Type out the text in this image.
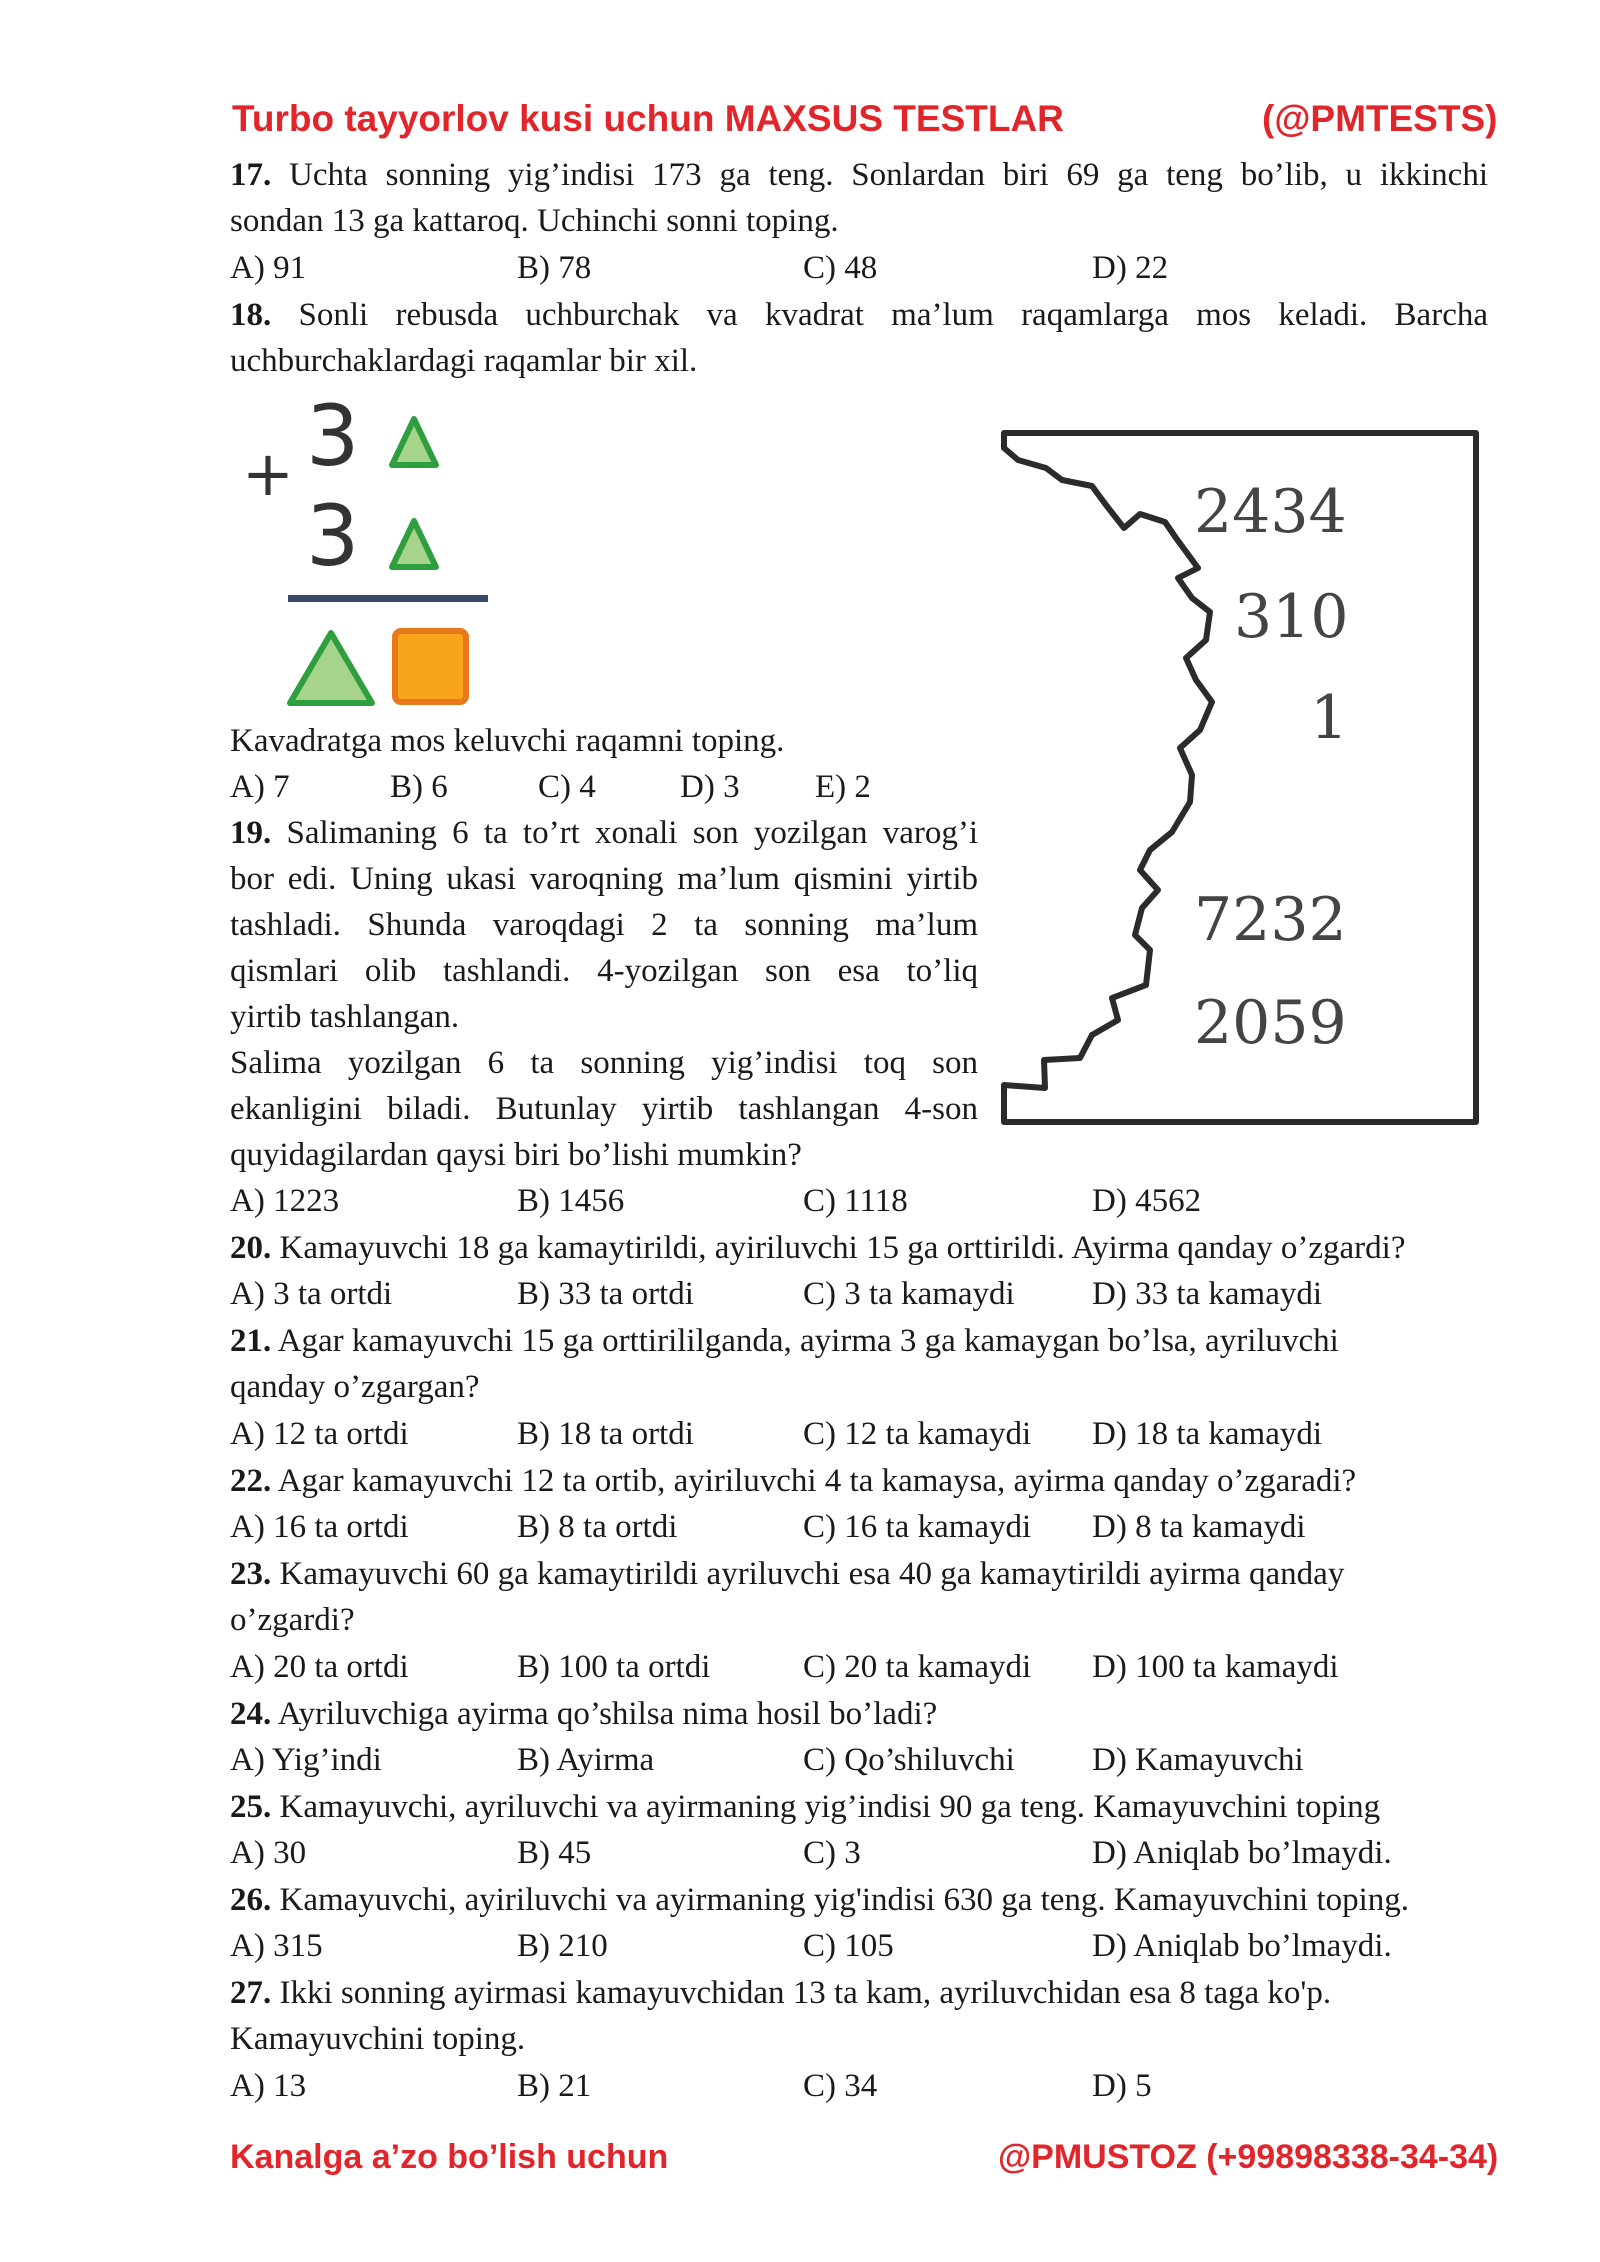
Turbo tayyorlov kusi uchun MAXSUS TESTLAR	(@PMTESTS)
17. Uchta sonning yig’indisi 173 ga teng. Sonlardan biri 69 ga teng bo’lib, u ikkinchi
sondan 13 ga kattaroq. Uchinchi sonni toping.
A) 91	B) 78	C) 48	D) 22
18. Sonli rebusda uchburchak va kvadrat ma’lum raqamlarga mos keladi. Barcha
uchburchaklardagi raqamlar bir xil.
+ 3
3
Kavadratga mos keluvchi raqamni toping.
A) 7	B) 6	C) 4	D) 3 E) 2
19. Salimaning 6 ta to’rt xonali son yozilgan varog’i
bor edi. Uning ukasi varoqning ma’lum qismini yirtib
tashladi. Shunda varoqdagi 2 ta sonning ma’lum
qismlari olib tashlandi. 4-yozilgan son esa to’liq
yirtib tashlangan.
Salima yozilgan 6 ta sonning yig’indisi toq son
ekanligini biladi. Butunlay yirtib tashlangan 4-son
quyidagilardan qaysi biri bo’lishi mumkin?
2434
310
1
7232
2059
A) 1223	B) 1456	C) 1118	D) 4562
20. Kamayuvchi 18 ga kamaytirildi, ayiriluvchi 15 ga orttirildi. Ayirma qanday o’zgardi?
A) 3 ta ortdi	B) 33 ta ortdi	C) 3 ta kamaydi D) 33 ta kamaydi
21. Agar kamayuvchi 15 ga orttirililganda, ayirma 3 ga kamaygan bo’lsa, ayriluvchi
qanday o’zgargan?
A) 12 ta ortdi	B) 18 ta ortdi	C) 12 ta kamaydi D) 18 ta kamaydi
22. Agar kamayuvchi 12 ta ortib, ayiriluvchi 4 ta kamaysa, ayirma qanday o’zgaradi?
A) 16 ta ortdi	B) 8 ta ortdi	C) 16 ta kamaydi D) 8 ta kamaydi
23. Kamayuvchi 60 ga kamaytirildi ayriluvchi esa 40 ga kamaytirildi ayirma qanday
o’zgardi?
A) 20 ta ortdi	B) 100 ta ortdi	C) 20 ta kamaydi D) 100 ta kamaydi
24. Ayriluvchiga ayirma qo’shilsa nima hosil bo’ladi?
A) Yig’indi	B) Ayirma	C) Qo’shiluvchi D) Kamayuvchi
25. Kamayuvchi, ayriluvchi va ayirmaning yig’indisi 90 ga teng. Kamayuvchini toping
A) 30	B) 45	C) 3	D) Aniqlab bo’lmaydi.
26. Kamayuvchi, ayiriluvchi va ayirmaning yig'indisi 630 ga teng. Kamayuvchini toping.
A) 315	B) 210	C) 105	D) Aniqlab bo’lmaydi.
27. Ikki sonning ayirmasi kamayuvchidan 13 ta kam, ayriluvchidan esa 8 taga ko'p.
Kamayuvchini toping.
A) 13	B) 21	C) 34	D) 5
Kanalga a’zo bo’lish uchun	@PMUSTOZ (+99898338-34-34)
